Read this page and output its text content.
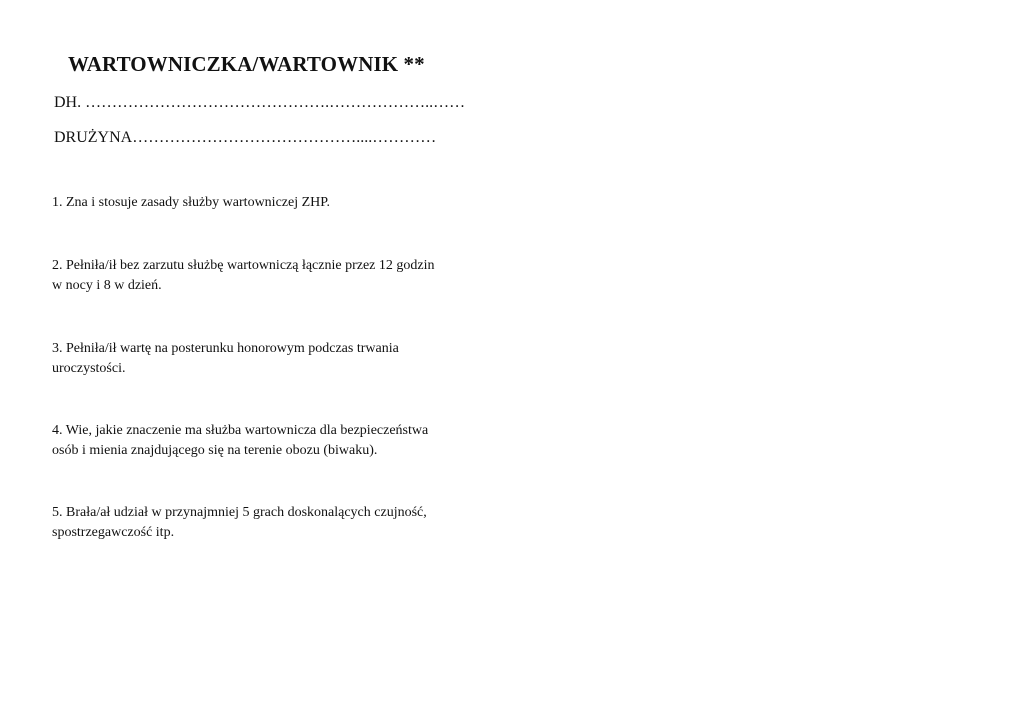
WARTOWNICZKA/WARTOWNIK **
DH. ……………………………………….………………..……
DRUŻYNA……………………………………....…………
1. Zna i stosuje zasady służby wartowniczej ZHP.
2. Pełniła/ił bez zarzutu służbę wartowniczą łącznie przez 12 godzin
w nocy i 8 w dzień.
3. Pełniła/ił wartę na posterunku honorowym podczas trwania
uroczystości.
4. Wie, jakie znaczenie ma służba wartownicza dla bezpieczeństwa
osób i mienia znajdującego się na terenie obozu (biwaku).
5. Brała/ał udział w przynajmniej 5 grach doskonalących czujność,
spostrzegawczość itp.
